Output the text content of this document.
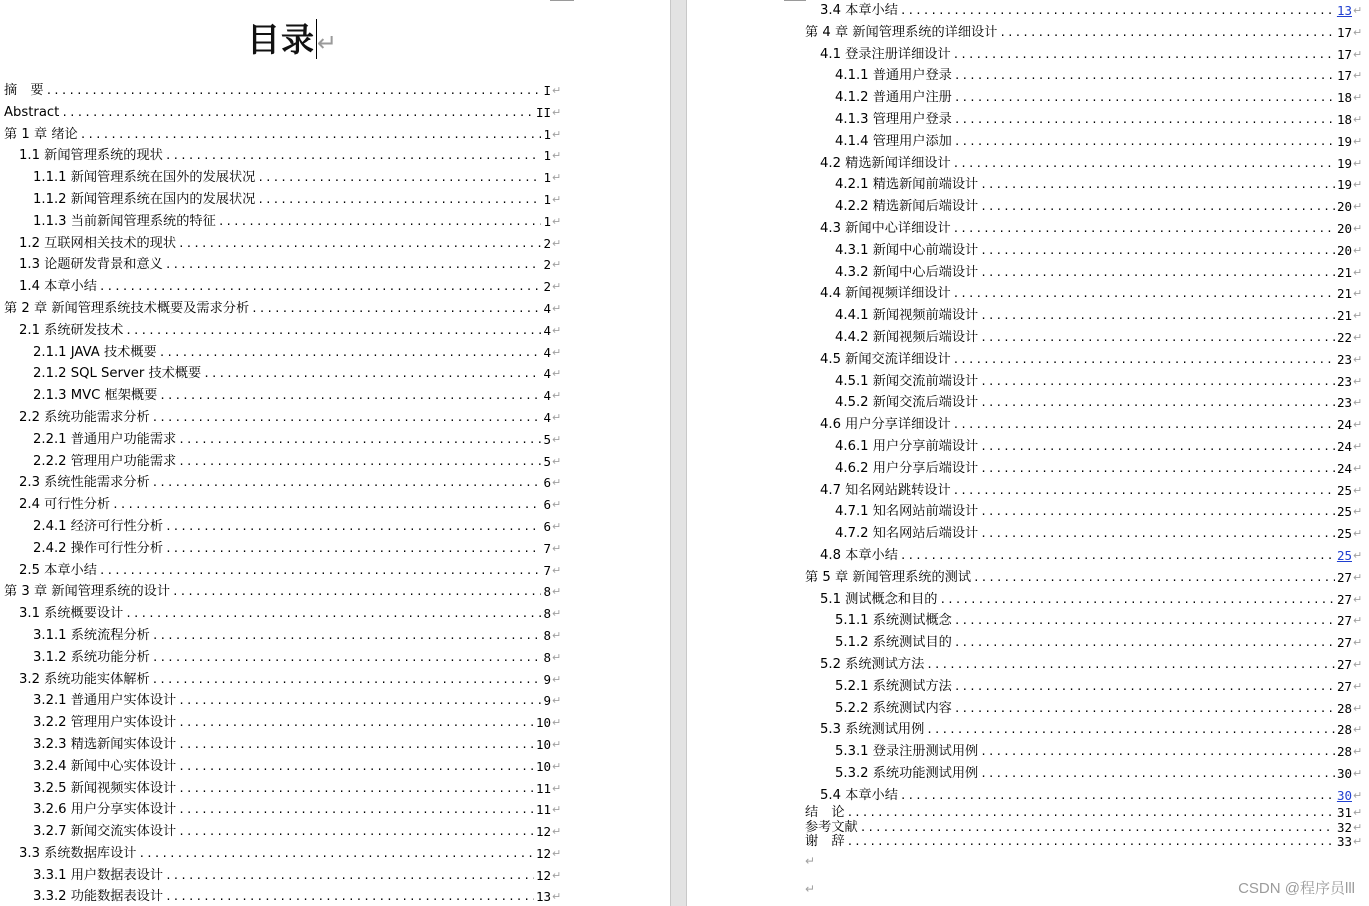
目录↵
摘　要 .....	I ↵
Abstract .....	II ↵
第 1 章 绪论 .....	1 ↵
1.1 新闻管理系统的现状 .....	1 ↵
1.1.1 新闻管理系统在国外的发展状况 .....	1 ↵
1.1.2 新闻管理系统在国内的发展状况 .....	1 ↵
1.1.3 当前新闻管理系统的特征 .....	1 ↵
1.2 互联网相关技术的现状 .....	2 ↵
1.3 论题研发背景和意义 .....	2 ↵
1.4 本章小结 .....	2 ↵
第 2 章 新闻管理系统技术概要及需求分析 .....	4 ↵
2.1 系统研发技术 .....	4 ↵
2.1.1 JAVA 技术概要 .....	4 ↵
2.1.2 SQL Server 技术概要 .....	4 ↵
2.1.3 MVC 框架概要 .....	4 ↵
2.2 系统功能需求分析 .....	4 ↵
2.2.1 普通用户功能需求 .....	5 ↵
2.2.2 管理用户功能需求 .....	5 ↵
2.3 系统性能需求分析 .....	6 ↵
2.4 可行性分析 .....	6 ↵
2.4.1 经济可行性分析 .....	6 ↵
2.4.2 操作可行性分析 .....	7 ↵
2.5 本章小结 .....	7 ↵
第 3 章 新闻管理系统的设计 .....	8 ↵
3.1 系统概要设计 .....	8 ↵
3.1.1 系统流程分析 .....	8 ↵
3.1.2 系统功能分析 .....	8 ↵
3.2 系统功能实体解析 .....	9 ↵
3.2.1 普通用户实体设计 .....	9 ↵
3.2.2 管理用户实体设计 .....	10 ↵
3.2.3 精选新闻实体设计 .....	10 ↵
3.2.4 新闻中心实体设计 .....	10 ↵
3.2.5 新闻视频实体设计 .....	11 ↵
3.2.6 用户分享实体设计 .....	11 ↵
3.2.7 新闻交流实体设计 .....	12 ↵
3.3 系统数据库设计 .....	12 ↵
3.3.1 用户数据表设计 .....	12 ↵
3.3.2 功能数据表设计 .....	13 ↵
3.4 本章小结 .....	13 ↵
第 4 章 新闻管理系统的详细设计 .....	17 ↵
4.1 登录注册详细设计 .....	17 ↵
4.1.1 普通用户登录 .....	17 ↵
4.1.2 普通用户注册 .....	18 ↵
4.1.3 管理用户登录 .....	18 ↵
4.1.4 管理用户添加 .....	19 ↵
4.2 精选新闻详细设计 .....	19 ↵
4.2.1 精选新闻前端设计 .....	19 ↵
4.2.2 精选新闻后端设计 .....	20 ↵
4.3 新闻中心详细设计 .....	20 ↵
4.3.1 新闻中心前端设计 .....	20 ↵
4.3.2 新闻中心后端设计 .....	21 ↵
4.4 新闻视频详细设计 .....	21 ↵
4.4.1 新闻视频前端设计 .....	21 ↵
4.4.2 新闻视频后端设计 .....	22 ↵
4.5 新闻交流详细设计 .....	23 ↵
4.5.1 新闻交流前端设计 .....	23 ↵
4.5.2 新闻交流后端设计 .....	23 ↵
4.6 用户分享详细设计 .....	24 ↵
4.6.1 用户分享前端设计 .....	24 ↵
4.6.2 用户分享后端设计 .....	24 ↵
4.7 知名网站跳转设计 .....	25 ↵
4.7.1 知名网站前端设计 .....	25 ↵
4.7.2 知名网站后端设计 .....	25 ↵
4.8 本章小结 .....	25 ↵
第 5 章 新闻管理系统的测试 .....	27 ↵
5.1 测试概念和目的 .....	27 ↵
5.1.1 系统测试概念 .....	27 ↵
5.1.2 系统测试目的 .....	27 ↵
5.2 系统测试方法 .....	27 ↵
5.2.1 系统测试方法 .....	27 ↵
5.2.2 系统测试内容 .....	28 ↵
5.3 系统测试用例 .....	28 ↵
5.3.1 登录注册测试用例 .....	28 ↵
5.3.2 系统功能测试用例 .....	30 ↵
5.4 本章小结 .....	30 ↵
结　论 .....	31 ↵
参考文献 .....	32 ↵
谢　辞 .....	33 ↵
↵
↵	CSDN @程序员lll
